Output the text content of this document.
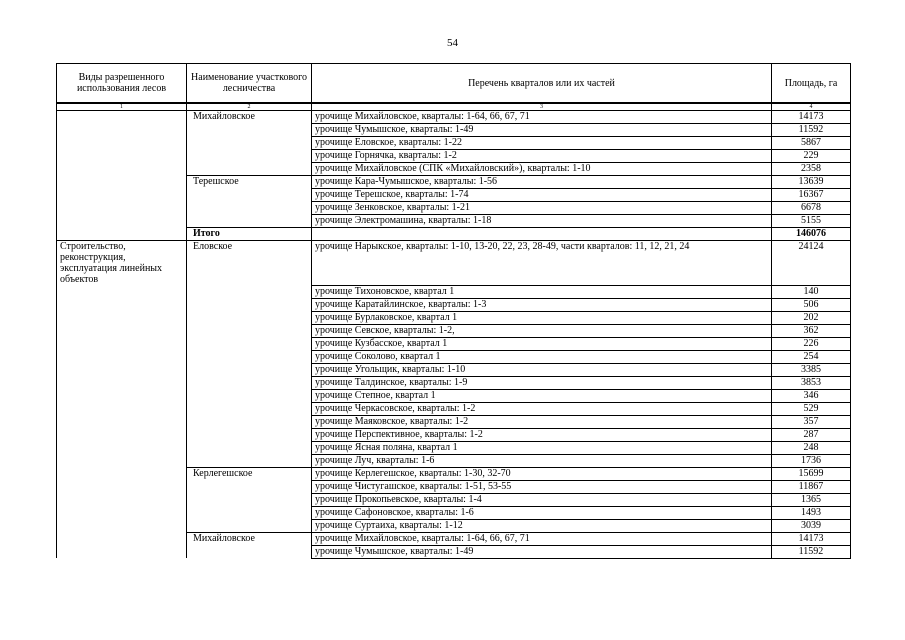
54
Виды разрешенного использования лесов	Наименование участкового лесничества	Перечень кварталов или их частей	Площадь, га
1	2	3	4
	Михайловское	урочище Михайловское, кварталы: 1-64, 66, 67, 71	14173
		урочище Чумышское, кварталы: 1-49	11592
		урочище Еловское, кварталы: 1-22	5867
		урочище Горнячка, кварталы: 1-2	229
		урочище Михайловское (СПК «Михайловский»), кварталы: 1-10	2358
	Терешское	урочище Кара-Чумышское, кварталы: 1-56	13639
		урочище Терешское, кварталы: 1-74	16367
		урочище Зенковское, кварталы: 1-21	6678
		урочище Электромашина, кварталы: 1-18	5155
	Итого		146076
Строительство, реконструкция, эксплуатация линейных объектов	Еловское	урочище Нарыкское, кварталы: 1-10, 13-20, 22, 23, 28-49, части кварталов: 11, 12, 21, 24	24124
		урочище Тихоновское, квартал 1	140
		урочище Каратайлинское, кварталы: 1-3	506
		урочище Бурлаковское, квартал 1	202
		урочище Севское, кварталы: 1-2,	362
		урочище Кузбасское, квартал 1	226
		урочище Соколово, квартал 1	254
		урочище Угольщик, кварталы: 1-10	3385
		урочище Талдинское, кварталы: 1-9	3853
		урочище Степное, квартал 1	346
		урочище Черкасовское, кварталы: 1-2	529
		урочище Маяковское, кварталы: 1-2	357
		урочище Перспективное, кварталы: 1-2	287
		урочище Ясная поляна, квартал 1	248
		урочище Луч, кварталы: 1-6	1736
	Керлегешское	урочище Керлегешское, кварталы: 1-30, 32-70	15699
		урочище Чистугашское, кварталы: 1-51, 53-55	11867
		урочище Прокопьевское, кварталы: 1-4	1365
		урочище Сафоновское, кварталы: 1-6	1493
		урочище Суртаиха, кварталы: 1-12	3039
	Михайловское	урочище Михайловское, кварталы: 1-64, 66, 67, 71	14173
		урочище Чумышское, кварталы: 1-49	11592
